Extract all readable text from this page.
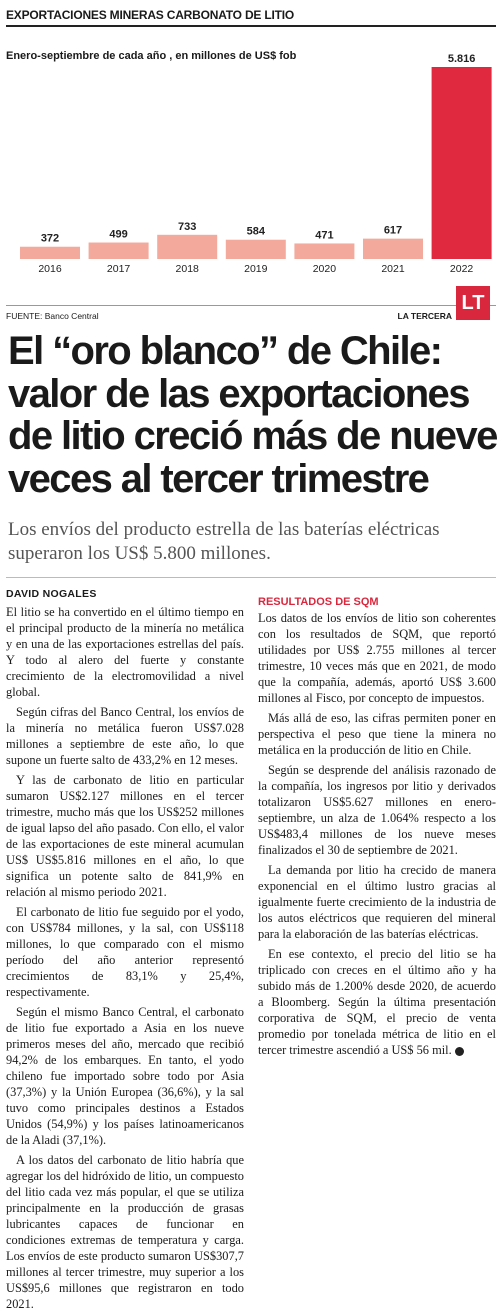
EXPORTACIONES MINERAS CARBONATO DE LITIO
Enero-septiembre de cada año , en millones de US$ fob
372
2016
499
2017
733
2018
584
2019
471
2020
617
2021
5.816
2022
FUENTE: Banco Central	LA TERCERA
LT
El “oro blanco” de Chile: valor de las exportaciones de litio creció más de nueve veces al tercer trimestre

Los envíos del producto estrella de las baterías eléctricas superaron los US$ 5.800 millones.

DAVID NOGALES

El litio se ha convertido en el último tiempo en el principal producto de la minería no metálica y en una de las exportaciones estrellas del país. Y todo al alero del fuerte y constante crecimiento de la electromovilidad a nivel global.

Según cifras del Banco Central, los envíos de la minería no metálica fueron US$7.028 millones a septiembre de este año, lo que supone un fuerte salto de 433,2% en 12 meses.

Y las de carbonato de litio en particular sumaron US$2.127 millones en el tercer trimestre, mucho más que los US$252 millones de igual lapso del año pasado. Con ello, el valor de las exportaciones de este mineral acumulan US$ US$5.816 millones en el año, lo que significa un potente salto de 841,9% en relación al mismo periodo 2021.

El carbonato de litio fue seguido por el yodo, con US$784 millones, y la sal, con US$118 millones, lo que comparado con el mismo período del año anterior representó crecimientos de 83,1% y 25,4%, respectivamente.

Según el mismo Banco Central, el carbonato de litio fue exportado a Asia en los nueve primeros meses del año, mercado que recibió 94,2% de los embarques. En tanto, el yodo chileno fue importado sobre todo por Asia (37,3%) y la Unión Europea (36,6%), y la sal tuvo como principales destinos a Estados Unidos (54,9%) y los países latinoamericanos de la Aladi (37,1%).

A los datos del carbonato de litio habría que agregar los del hidróxido de litio, un compuesto del litio cada vez más popular, el que se utiliza principalmente en la producción de grasas lubricantes capaces de funcionar en condiciones extremas de temperatura y carga. Los envíos de este producto sumaron US$307,7 millones al tercer trimestre, muy superior a los US$95,6 millones que registraron en todo 2021.

RESULTADOS DE SQM

Los datos de los envíos de litio son coherentes con los resultados de SQM, que reportó utilidades por US$ 2.755 millones al tercer trimestre, 10 veces más que en 2021, de modo que la compañía, además, aportó US$ 3.600 millones al Fisco, por concepto de impuestos.

Más allá de eso, las cifras permiten poner en perspectiva el peso que tiene la minera no metálica en la producción de litio en Chile.

Según se desprende del análisis razonado de la compañía, los ingresos por litio y derivados totalizaron US$5.627 millones en enero-septiembre, un alza de 1.064% respecto a los US$483,4 millones de los nueve meses finalizados el 30 de septiembre de 2021.

La demanda por litio ha crecido de manera exponencial en el último lustro gracias al igualmente fuerte crecimiento de la industria de los autos eléctricos que requieren del mineral para la elaboración de las baterías eléctricas.

En ese contexto, el precio del litio se ha triplicado con creces en el último año y ha subido más de 1.200% desde 2020, de acuerdo a Bloomberg. Según la última presentación corporativa de SQM, el precio de venta promedio por tonelada métrica de litio en el tercer trimestre ascendió a US$ 56 mil.
